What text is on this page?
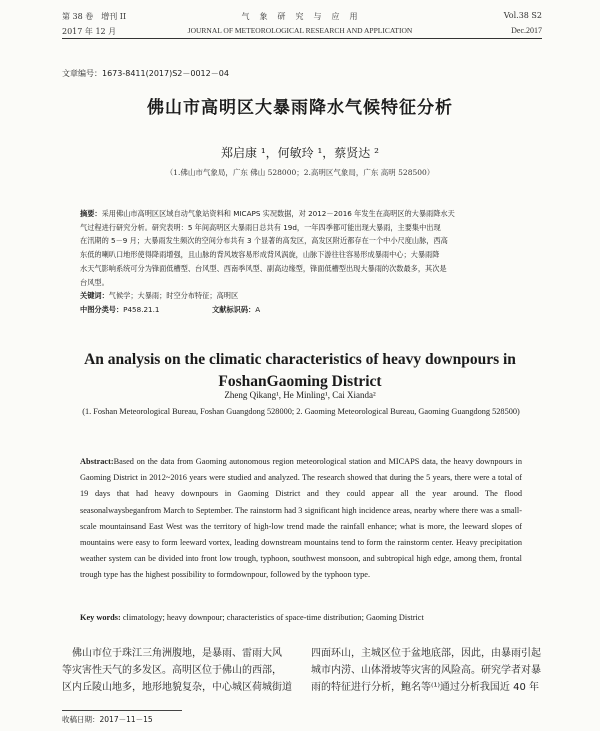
第 38 卷　增刊 II	气　象　研　究　与　应　用	Vol.38 S2
2017 年 12 月	JOURNAL OF METEOROLOGICAL RESEARCH AND APPLICATION	Dec.2017
文章编号：1673-8411(2017)S2－0012－04
佛山市高明区大暴雨降水气候特征分析
郑启康 ¹，何敏玲 ¹，蔡贤达 ²
（1.佛山市气象局，广东 佛山 528000；2.高明区气象局，广东 高明 528500）
摘要：采用佛山市高明区区域自动气象站资料和 MICAPS 实况数据，对 2012－2016 年发生在高明区的大暴雨降水天
气过程进行研究分析。研究表明：5 年间高明区大暴雨日总共有 19d，一年四季都可能出现大暴雨，主要集中出现
在汛期的 5－9 月；大暴雨发生频次的空间分布共有 3 个显著的高发区，高发区附近都存在一个中小尺度山脉，西高
东低的喇叭口地形使得降雨增强，且山脉的背风坡容易形成背风涡旋，山脉下游往往容易形成暴雨中心；大暴雨降
水天气影响系统可分为锋面低槽型、台风型、西南季风型、副高边缘型，锋面低槽型出现大暴雨的次数最多，其次是
台风型。
关键词：气候学；大暴雨；时空分布特征；高明区
中图分类号：P458.21.1	文献标识码：A
An analysis on the climatic characteristics of heavy downpours in
FoshanGaoming District
Zheng Qikang¹, He Minling¹, Cai Xianda²
(1. Foshan Meteorological Bureau, Foshan Guangdong 528000; 2. Gaoming Meteorological Bureau, Gaoming Guangdong 528500)
Abstract:Based on the data from Gaoming autonomous region meteorological station and MICAPS data, the heavy downpours in Gaoming District in 2012~2016 years were studied and analyzed. The research showed that during the 5 years, there were a total of 19 days that had heavy downpours in Gaoming District and they could appear all the year around. The flood seasonalwaysbeganfrom March to September. The rainstorm had 3 significant high incidence areas, nearby where there was a small-scale mountainsand East West was the territory of high-low trend made the rainfall enhance; what is more, the leeward slopes of mountains were easy to form leeward vortex, leading downstream mountains tend to form the rainstorm center. Heavy precipitation weather system can be divided into front low trough, typhoon, southwest monsoon, and subtropical high edge, among them, frontal trough type has the highest possibility to formdownpour, followed by the typhoon type.
Key words: climatology; heavy downpour; characteristics of space-time distribution; Gaoming District
　佛山市位于珠江三角洲腹地，是暴雨、雷雨大风
等灾害性天气的多发区。高明区位于佛山的西部，
区内丘陵山地多，地形地貌复杂，中心城区荷城街道
四面环山，主城区位于盆地底部，因此，由暴雨引起
城市内涝、山体滑坡等灾害的风险高。研究学者对暴
雨的特征进行分析，鲍名等⁽¹⁾通过分析我国近 40 年
收稿日期：2017－11－15
